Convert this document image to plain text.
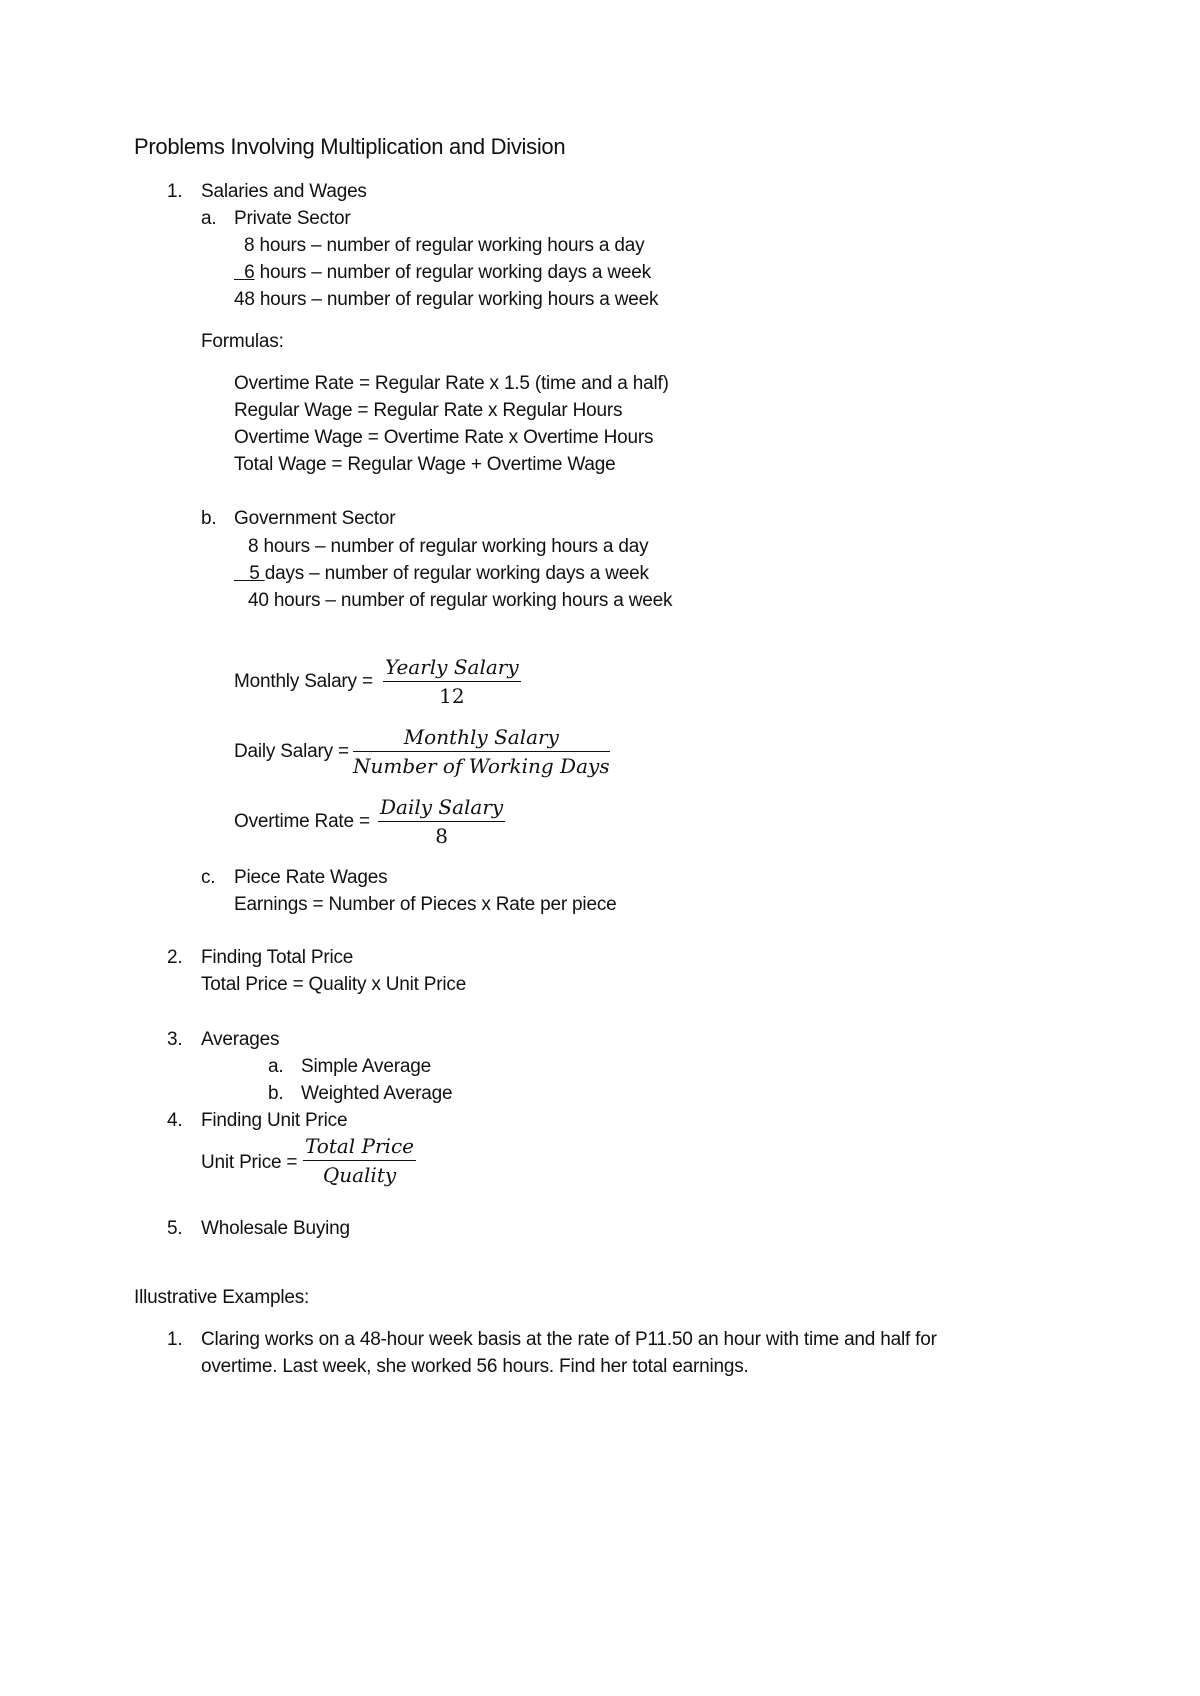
Problems Involving Multiplication and Division
1. Salaries and Wages
a. Private Sector
8 hours – number of regular working hours a day
6 hours – number of regular working days a week
48 hours – number of regular working hours a week
Formulas:
Overtime Rate = Regular Rate x 1.5 (time and a half)
Regular Wage = Regular Rate x Regular Hours
Overtime Wage = Overtime Rate x Overtime Hours
Total Wage = Regular Wage + Overtime Wage
b. Government Sector
8 hours – number of regular working hours a day
5 days – number of regular working days a week
40 hours – number of regular working hours a week
Monthly Salary =
Yearly Salary
12
Daily Salary =
Monthly Salary
Number of Working Days
Overtime Rate =
Daily Salary
8
c. Piece Rate Wages
Earnings = Number of Pieces x Rate per piece
2. Finding Total Price
Total Price = Quality x Unit Price
3. Averages
a. Simple Average
b. Weighted Average
4. Finding Unit Price
Unit Price =
Total Price
Quality
5. Wholesale Buying
Illustrative Examples:
1. Claring works on a 48-hour week basis at the rate of P11.50 an hour with time and half for
overtime. Last week, she worked 56 hours. Find her total earnings.
